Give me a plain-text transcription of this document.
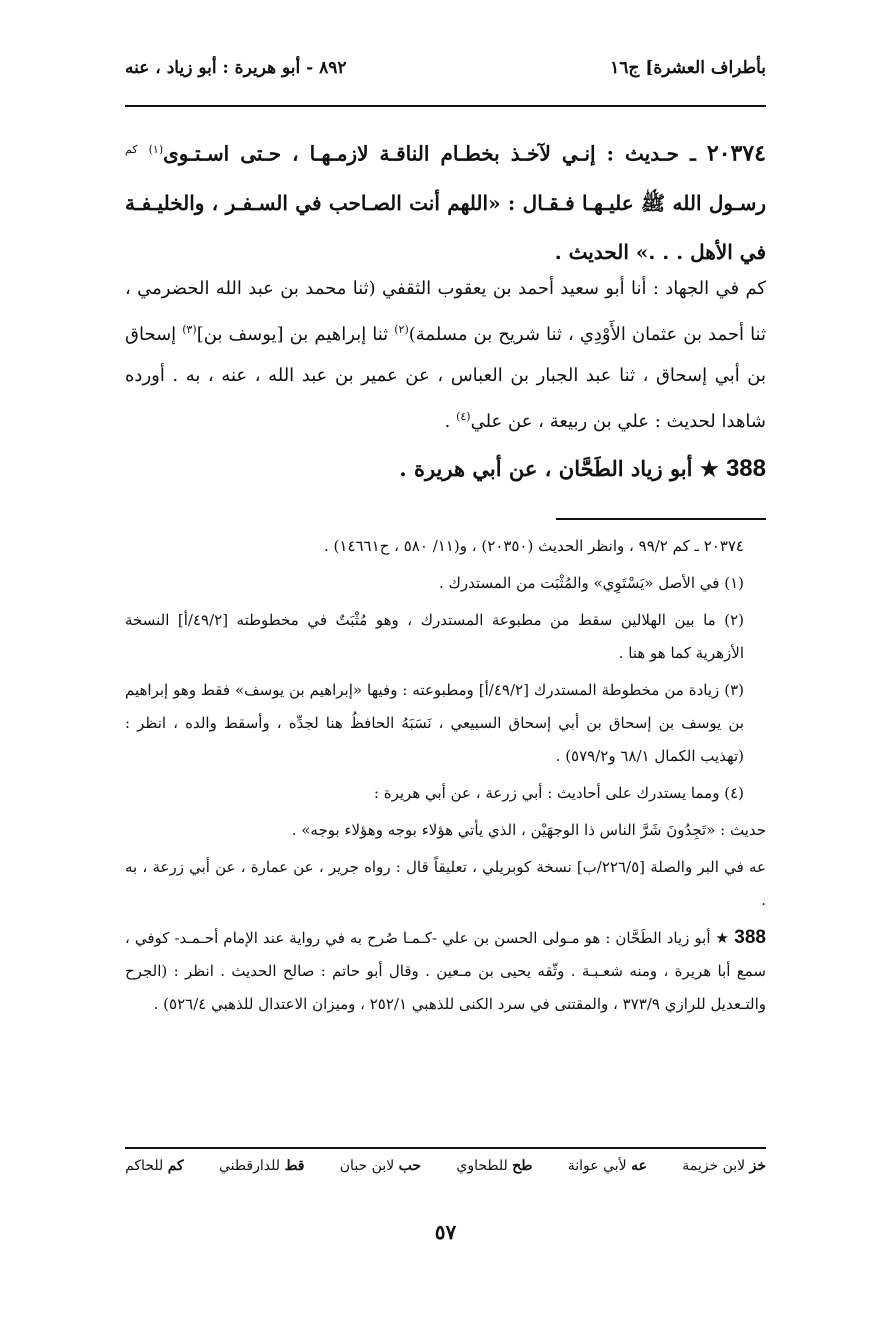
بأطراف العشرة] ج١٦
٨٩٢ - أبو هريرة : أبو زياد ، عنه
٢٠٣٧٤ ـ حـديث : إنـي لآخـذ بخطـام الناقـة لازمـهـا ، حـتى اسـتـوى$^{(١)}$ $^{كم}$ رسـول الله ﷺ عليـهـا فـقـال : «اللهم أنت الصـاحب في السـفـر ، والخليـفـة في الأهل . . .» الحديث .
كم في الجهاد : أنا أبو سعيد أحمد بن يعقوب الثقفي (ثنا محمد بن عبد الله الحضرمي ، ثنا أحمد بن عثمان الأَوْدِي ، ثنا شريح بن مسلمة)$^{(٢)}$ ثنا إبراهيم بن [يوسف بن]$^{(٣)}$ إسحاق بن أبي إسحاق ، ثنا عبد الجبار بن العباس ، عن عمير بن عبد الله ، عنه ، به . أورده شاهدا لحديث : علي بن ربيعة ، عن علي$^{(٤)}$ .
388 ★ أبو زياد الطَحَّان ، عن أبي هريرة .

٢٠٣٧٤ ـ كم ٩٩/٢ ، وانظر الحديث (٢٠٣٥٠) ، و(١١/ ٥٨٠ ، ح١٤٦٦١) .

(١) في الأصل «يَسْتَوِي» والمُثْبَت من المستدرك .

(٢) ما بين الهلالين سقط من مطبوعة المستدرك ، وهو مُثْبَتٌ في مخطوطته [٤٩/٢/أ] النسخة الأزهرية كما هو هنا .

(٣) زيادة من مخطوطة المستدرك [٤٩/٢/أ] ومطبوعته : وفيها «إبراهيم بن يوسف» فقط وهو إبراهيم بن يوسف بن إسحاق بن أبي إسحاق السبيعي ، نَسَبَهُ الحافظُ هنا لجدِّه ، وأسقط والده ، انظر : (تهذيب الكمال ٦٨/١ و٥٧٩/٢) .

(٤) ومما يستدرك على أحاديث : أبي زرعة ، عن أبي هريرة :

حديث : «تَجِدُونَ شَرَّ الناس ذا الوجهَيْن ، الذي يأتي هؤلاء بوجه وهؤلاء بوجه» .

عه في البر والصلة [٢٢٦/٥/ب] نسخة كوبريلي ، تعليقاً قال : رواه جرير ، عن عمارة ، عن أبي زرعة ، به .

388 ★ أبو زياد الطَحَّان : هو مـولى الحسن بن علي -كـمـا صُرح به في رواية عند الإمام أحـمـد- كوفي ، سمع أبا هريرة ، ومنه شعـبـة . وثّقه يحيى بن مـعين . وقال أبو حاتم : صالح الحديث . انظر : (الجرح والتـعديل للرازي ٣٧٣/٩ ، والمقتنى في سرد الكنى للذهبي ٢٥٢/١ ، وميزان الاعتدال للذهبي ٥٢٦/٤) .

خز لابن خزيمة
عه لأبي عوانة
طح للطحاوي
حب لابن حبان
قط للدارقطني
كم للحاكم
٥٧
